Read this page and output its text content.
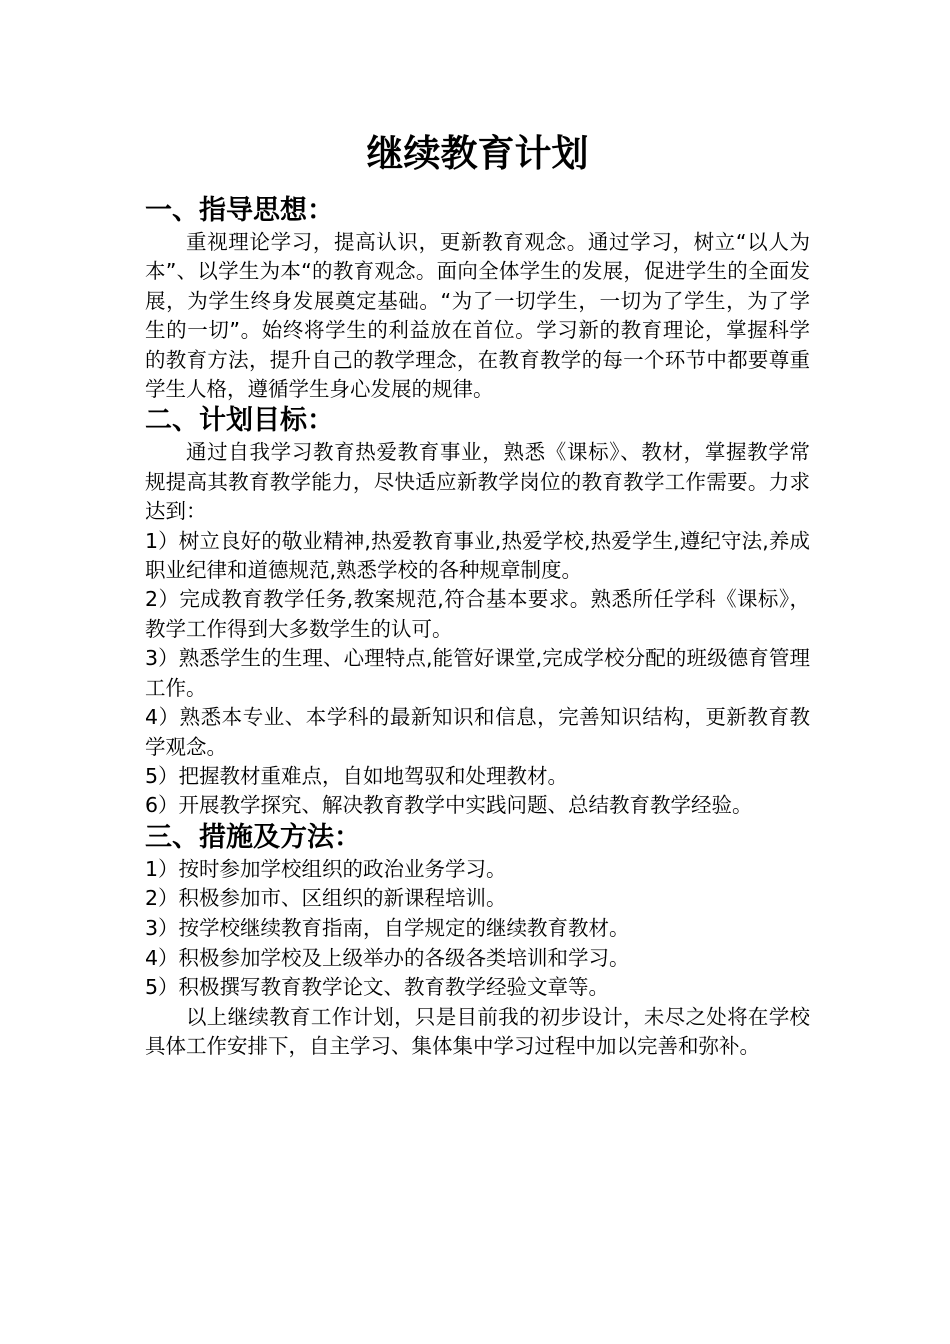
继续教育计划
一、指导思想：

重视理论学习，提高认识，更新教育观念。通过学习，树立“以人为本”、以学生为本“的教育观念。面向全体学生的发展，促进学生的全面发展，为学生终身发展奠定基础。“为了一切学生，一切为了学生，为了学生的一切”。始终将学生的利益放在首位。学习新的教育理论，掌握科学的教育方法，提升自己的教学理念，在教育教学的每一个环节中都要尊重学生人格，遵循学生身心发展的规律。

二、计划目标：

通过自我学习教育热爱教育事业，熟悉《课标》、教材，掌握教学常规提高其教育教学能力，尽快适应新教学岗位的教育教学工作需要。力求达到：

1）树立良好的敬业精神,热爱教育事业,热爱学校,热爱学生,遵纪守法,养成职业纪律和道德规范,熟悉学校的各种规章制度。
2）完成教育教学任务,教案规范,符合基本要求。熟悉所任学科《课标》，教学工作得到大多数学生的认可。
3）熟悉学生的生理、心理特点,能管好课堂,完成学校分配的班级德育管理工作。
4）熟悉本专业、本学科的最新知识和信息，完善知识结构，更新教育教学观念。
5）把握教材重难点，自如地驾驭和处理教材。
6）开展教学探究、解决教育教学中实践问题、总结教育教学经验。
三、措施及方法：
1）按时参加学校组织的政治业务学习。
2）积极参加市、区组织的新课程培训。
3）按学校继续教育指南，自学规定的继续教育教材。
4）积极参加学校及上级举办的各级各类培训和学习。
5）积极撰写教育教学论文、教育教学经验文章等。

以上继续教育工作计划，只是目前我的初步设计，未尽之处将在学校具体工作安排下，自主学习、集体集中学习过程中加以完善和弥补。
